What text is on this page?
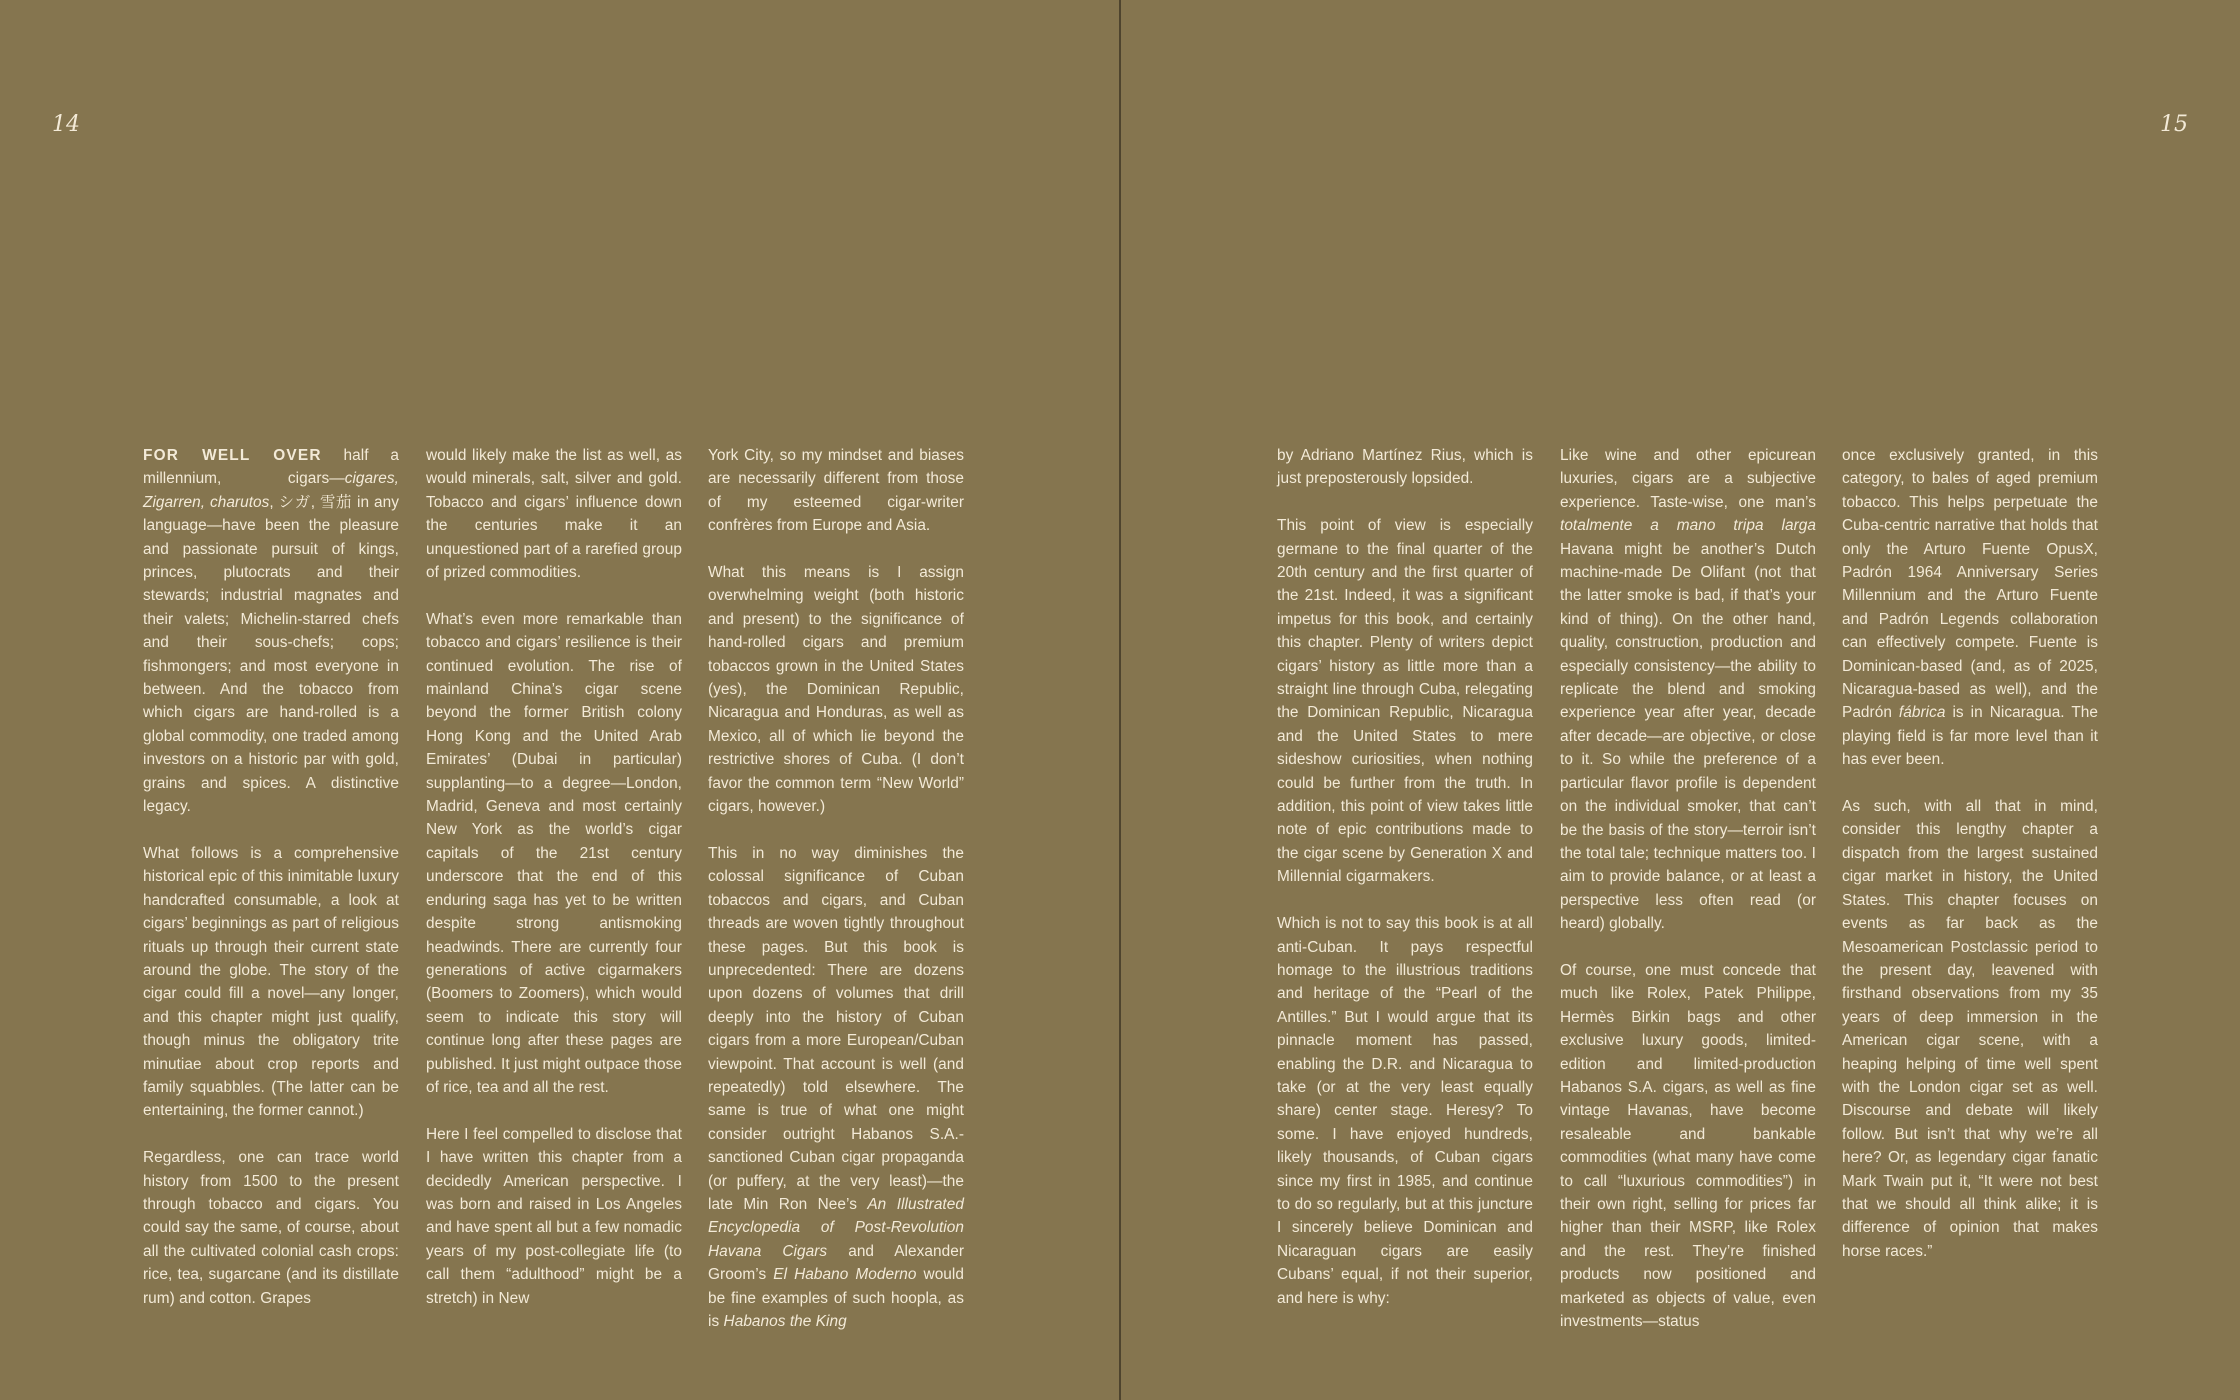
14

FOR WELL OVER half a millennium, cigars—cigares, Zigarren, charutos, シガ, 雪茄 in any language—have been the pleasure and passionate pursuit of kings, princes, plutocrats and their stewards; industrial magnates and their valets; Michelin-starred chefs and their sous-chefs; cops; fishmongers; and most everyone in between. And the tobacco from which cigars are hand-rolled is a global commodity, one traded among investors on a historic par with gold, grains and spices. A distinctive legacy.

What follows is a comprehensive historical epic of this inimitable luxury handcrafted consumable, a look at cigars’ beginnings as part of religious rituals up through their current state around the globe. The story of the cigar could fill a novel—any longer, and this chapter might just qualify, though minus the obligatory trite minutiae about crop reports and family squabbles. (The latter can be entertaining, the former cannot.)

Regardless, one can trace world history from 1500 to the present through tobacco and cigars. You could say the same, of course, about all the cultivated colonial cash crops: rice, tea, sugarcane (and its distillate rum) and cotton. Grapes

would likely make the list as well, as would minerals, salt, silver and gold. Tobacco and cigars’ influence down the centuries make it an unquestioned part of a rarefied group of prized commodities.

What’s even more remarkable than tobacco and cigars’ resilience is their continued evolution. The rise of mainland China’s cigar scene beyond the former British colony Hong Kong and the United Arab Emirates’ (Dubai in particular) supplanting—to a degree—London, Madrid, Geneva and most certainly New York as the world’s cigar capitals of the 21st century underscore that the end of this enduring saga has yet to be written despite strong antismoking headwinds. There are currently four generations of active cigarmakers (Boomers to Zoomers), which would seem to indicate this story will continue long after these pages are published. It just might outpace those of rice, tea and all the rest.

Here I feel compelled to disclose that I have written this chapter from a decidedly American perspective. I was born and raised in Los Angeles and have spent all but a few nomadic years of my post-collegiate life (to call them “adulthood” might be a stretch) in New

York City, so my mindset and biases are necessarily different from those of my esteemed cigar-writer confrères from Europe and Asia.

What this means is I assign overwhelming weight (both historic and present) to the significance of hand-rolled cigars and premium tobaccos grown in the United States (yes), the Dominican Republic, Nicaragua and Honduras, as well as Mexico, all of which lie beyond the restrictive shores of Cuba. (I don’t favor the common term “New World” cigars, however.)

This in no way diminishes the colossal significance of Cuban tobaccos and cigars, and Cuban threads are woven tightly throughout these pages. But this book is unprecedented: There are dozens upon dozens of volumes that drill deeply into the history of Cuban cigars from a more European/Cuban viewpoint. That account is well (and repeatedly) told elsewhere. The same is true of what one might consider outright Habanos S.A.-sanctioned Cuban cigar propaganda (or puffery, at the very least)—the late Min Ron Nee’s An Illustrated Encyclopedia of Post-Revolution Havana Cigars and Alexander Groom’s El Habano Moderno would be fine examples of such hoopla, as is Habanos the King

15

by Adriano Martínez Rius, which is just preposterously lopsided.

This point of view is especially germane to the final quarter of the 20th century and the first quarter of the 21st. Indeed, it was a significant impetus for this book, and certainly this chapter. Plenty of writers depict cigars’ history as little more than a straight line through Cuba, relegating the Dominican Republic, Nicaragua and the United States to mere sideshow curiosities, when nothing could be further from the truth. In addition, this point of view takes little note of epic contributions made to the cigar scene by Generation X and Millennial cigarmakers.

Which is not to say this book is at all anti-Cuban. It pays respectful homage to the illustrious traditions and heritage of the “Pearl of the Antilles.” But I would argue that its pinnacle moment has passed, enabling the D.R. and Nicaragua to take (or at the very least equally share) center stage. Heresy? To some. I have enjoyed hundreds, likely thousands, of Cuban cigars since my first in 1985, and continue to do so regularly, but at this juncture I sincerely believe Dominican and Nicaraguan cigars are easily Cubans’ equal, if not their superior, and here is why:

Like wine and other epicurean luxuries, cigars are a subjective experience. Taste-wise, one man’s totalmente a mano tripa larga Havana might be another’s Dutch machine-made De Olifant (not that the latter smoke is bad, if that’s your kind of thing). On the other hand, quality, construction, production and especially consistency—the ability to replicate the blend and smoking experience year after year, decade after decade—are objective, or close to it. So while the preference of a particular flavor profile is dependent on the individual smoker, that can’t be the basis of the story—terroir isn’t the total tale; technique matters too. I aim to provide balance, or at least a perspective less often read (or heard) globally.

Of course, one must concede that much like Rolex, Patek Philippe, Hermès Birkin bags and other exclusive luxury goods, limited-edition and limited-production Habanos S.A. cigars, as well as fine vintage Havanas, have become resaleable and bankable commodities (what many have come to call “luxurious commodities”) in their own right, selling for prices far higher than their MSRP, like Rolex and the rest. They’re finished products now positioned and marketed as objects of value, even investments—status

once exclusively granted, in this category, to bales of aged premium tobacco. This helps perpetuate the Cuba-centric narrative that holds that only the Arturo Fuente OpusX, Padrón 1964 Anniversary Series Millennium and the Arturo Fuente and Padrón Legends collaboration can effectively compete. Fuente is Dominican-based (and, as of 2025, Nicaragua-based as well), and the Padrón fábrica is in Nicaragua. The playing field is far more level than it has ever been.

As such, with all that in mind, consider this lengthy chapter a dispatch from the largest sustained cigar market in history, the United States. This chapter focuses on events as far back as the Mesoamerican Postclassic period to the present day, leavened with firsthand observations from my 35 years of deep immersion in the American cigar scene, with a heaping helping of time well spent with the London cigar set as well. Discourse and debate will likely follow. But isn’t that why we’re all here? Or, as legendary cigar fanatic Mark Twain put it, “It were not best that we should all think alike; it is difference of opinion that makes horse races.”
